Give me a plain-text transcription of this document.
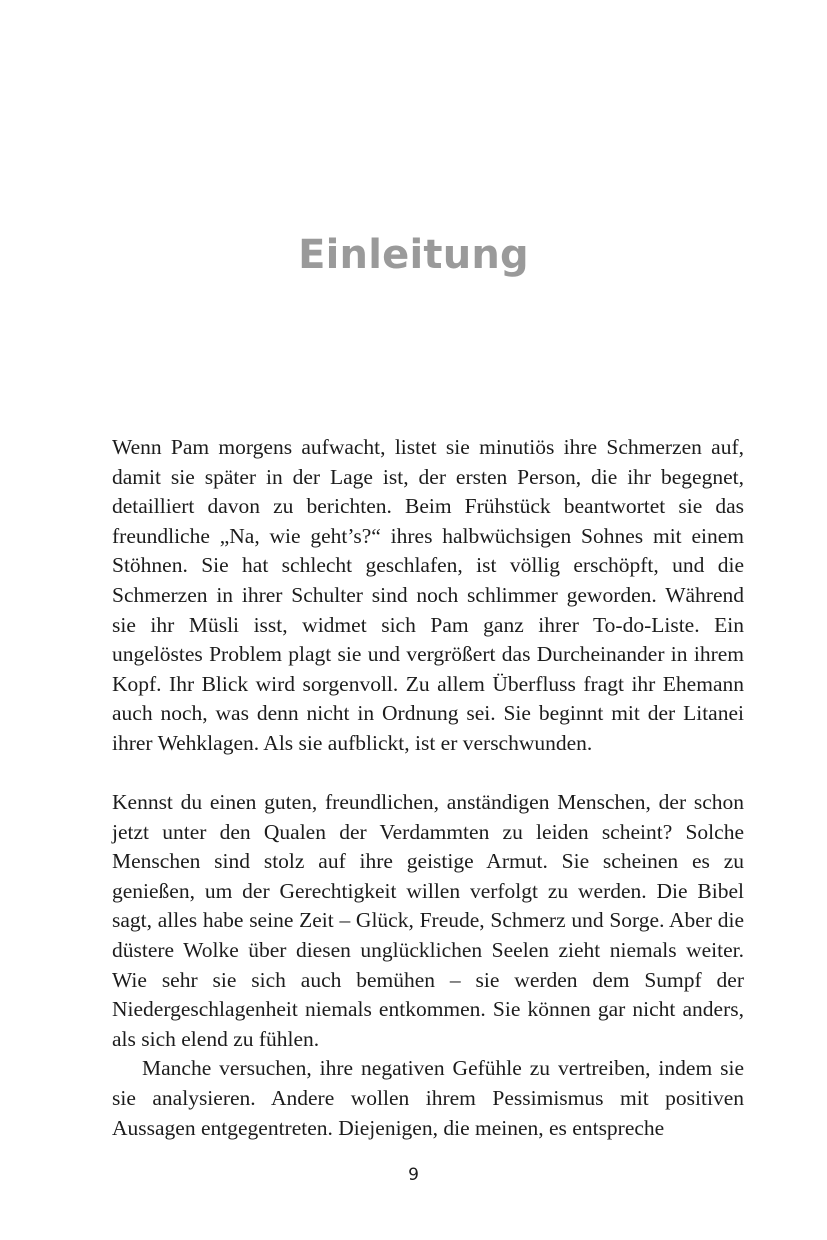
Einleitung

Wenn Pam morgens aufwacht, listet sie minutiös ihre Schmerzen auf, damit sie später in der Lage ist, der ersten Person, die ihr begegnet, detailliert davon zu berichten. Beim Frühstück beantwortet sie das freundliche „Na, wie geht’s?“ ihres halbwüchsigen Sohnes mit einem Stöhnen. Sie hat schlecht geschlafen, ist völlig erschöpft, und die Schmerzen in ihrer Schulter sind noch schlimmer geworden. Während sie ihr Müsli isst, widmet sich Pam ganz ihrer To-do-Liste. Ein ungelöstes Problem plagt sie und vergrößert das Durcheinander in ihrem Kopf. Ihr Blick wird sorgenvoll. Zu allem Überfluss fragt ihr Ehemann auch noch, was denn nicht in Ordnung sei. Sie beginnt mit der Litanei ihrer Wehklagen. Als sie aufblickt, ist er verschwunden.

Kennst du einen guten, freundlichen, anständigen Menschen, der schon jetzt unter den Qualen der Verdammten zu leiden scheint? Solche Menschen sind stolz auf ihre geistige Armut. Sie scheinen es zu genießen, um der Gerechtigkeit willen verfolgt zu werden. Die Bibel sagt, alles habe seine Zeit – Glück, Freude, Schmerz und Sorge. Aber die düstere Wolke über diesen unglücklichen Seelen zieht niemals weiter. Wie sehr sie sich auch bemühen – sie werden dem Sumpf der Niedergeschlagenheit niemals entkommen. Sie können gar nicht anders, als sich elend zu fühlen.

Manche versuchen, ihre negativen Gefühle zu vertreiben, indem sie sie analysieren. Andere wollen ihrem Pessimismus mit positiven Aussagen entgegentreten. Diejenigen, die meinen, es entspreche

9
